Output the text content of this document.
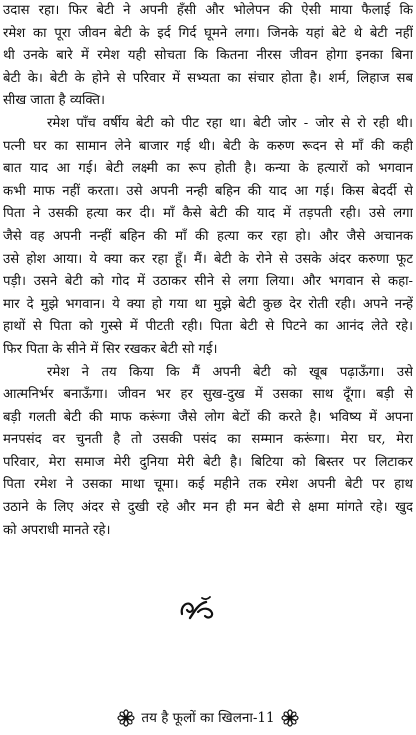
उदास रहा। फिर बेटी ने अपनी हँसी और भोलेपन की ऐसी माया फैलाई कि
रमेश का पूरा जीवन बेटी के इर्द गिर्द घूमने लगा। जिनके यहां बेटे थे बेटी नहीं
थी उनके बारे में रमेश यही सोचता कि कितना नीरस जीवन होगा इनका बिना
बेटी के। बेटी के होने से परिवार में सभ्यता का संचार होता है। शर्म, लिहाज सब
सीख जाता है व्यक्ति।
रमेश पाँच वर्षीय बेटी को पीट रहा था। बेटी जोर - जोर से रो रही थी।
पत्नी घर का सामान लेने बाजार गई थी। बेटी के करुण रूदन से माँ की कही
बात याद आ गई। बेटी लक्ष्मी का रूप होती है। कन्या के हत्यारों को भगवान
कभी माफ नहीं करता। उसे अपनी नन्ही बहिन की याद आ गई। किस बेदर्दी से
पिता ने उसकी हत्या कर दी। माँ कैसे बेटी की याद में तड़पती रही। उसे लगा
जैसे वह अपनी नन्हीं बहिन की माँ की हत्या कर रहा हो। और जैसे अचानक
उसे होश आया। ये क्या कर रहा हूँ। मैं। बेटी के रोने से उसके अंदर करुणा फूट
पड़ी। उसने बेटी को गोद में उठाकर सीने से लगा लिया। और भगवान से कहा-
मार दे मुझे भगवान। ये क्या हो गया था मुझे बेटी कुछ देर रोती रही। अपने नन्हें
हाथों से पिता को गुस्से में पीटती रही। पिता बेटी से पिटने का आनंद लेते रहे।
फिर पिता के सीने में सिर रखकर बेटी सो गई।
रमेश ने तय किया कि मैं अपनी बेटी को खूब पढ़ाऊँगा। उसे
आत्मनिर्भर बनाऊँगा। जीवन भर हर सुख-दुख में उसका साथ दूँगा। बड़ी से
बड़ी गलती बेटी की माफ करूंगा जैसे लोग बेटों की करते है। भविष्य में अपना
मनपसंद वर चुनती है तो उसकी पसंद का सम्मान करूंगा। मेरा घर, मेरा
परिवार, मेरा समाज मेरी दुनिया मेरी बेटी है। बिटिया को बिस्तर पर लिटाकर
पिता रमेश ने उसका माथा चूमा। कई महीने तक रमेश अपनी बेटी पर हाथ
उठाने के लिए अंदर से दुखी रहे और मन ही मन बेटी से क्षमा मांगते रहे। खुद
को अपराधी मानते रहे।
तय है फूलों का खिलना-11
